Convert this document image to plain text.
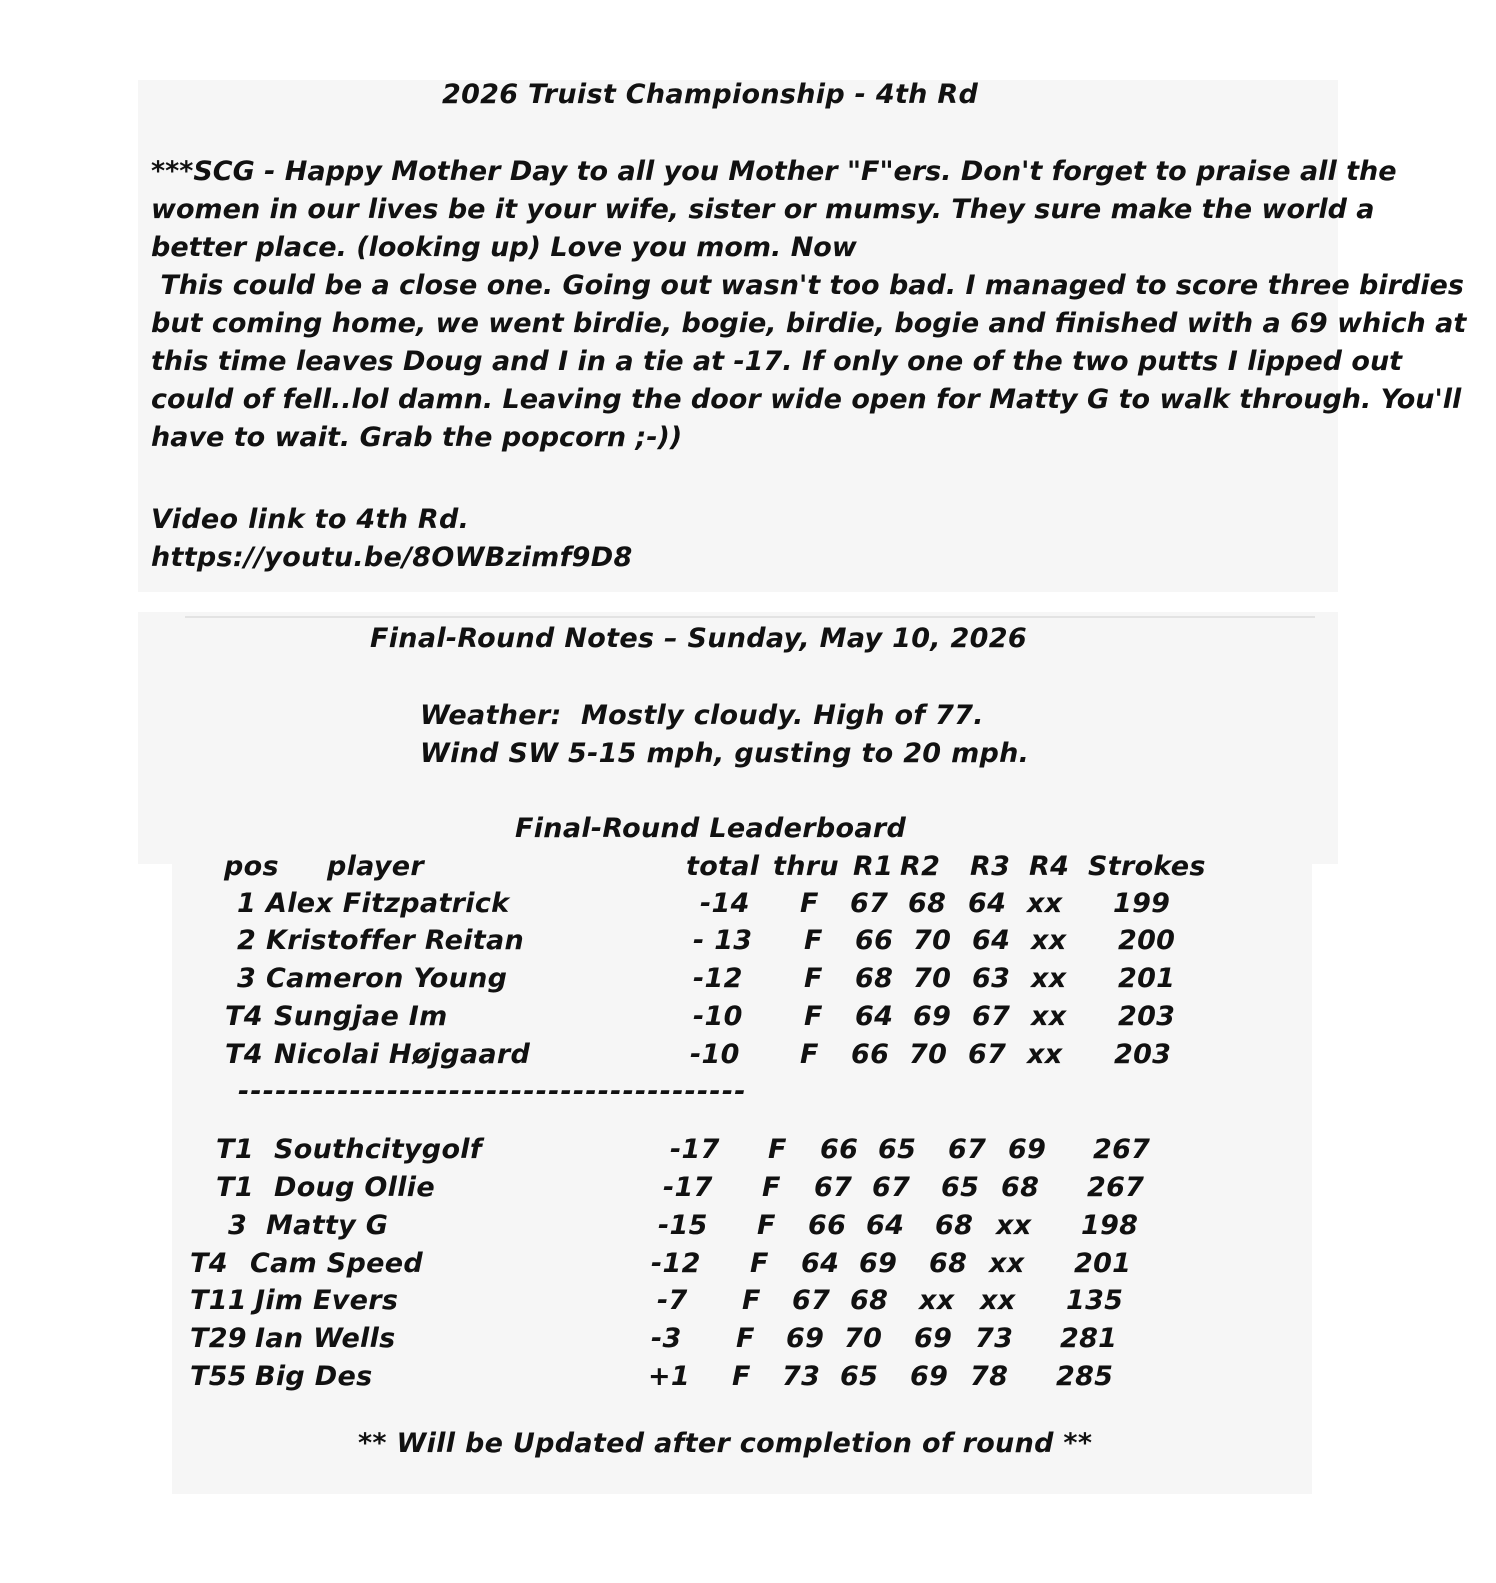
2026 Truist Championship - 4th Rd
***SCG - Happy Mother Day to all you Mother "F"ers. Don't forget to praise all the
women in our lives be it your wife, sister or mumsy. They sure make the world a
better place. (looking up) Love you mom. Now
This could be a close one. Going out wasn't too bad. I managed to score three birdies
but coming home, we went birdie, bogie, birdie, bogie and finished with a 69 which at
this time leaves Doug and I in a tie at -17. If only one of the two putts I lipped out
could of fell..lol damn. Leaving the door wide open for Matty G to walk through. You'll
have to wait. Grab the popcorn ;-))
Video link to 4th Rd.
https://youtu.be/8OWBzimf9D8
Final-Round Notes – Sunday, May 10, 2026
Weather:  Mostly cloudy. High of 77.
Wind SW 5-15 mph, gusting to 20 mph.
Final-Round Leaderboard
pos player	total thru R1 R2 R3 R4 Strokes
1 Alex Fitzpatrick	-14 F 67 68 64 xx 199
2 Kristoffer Reitan	- 13 F 66 70 64 xx 200
3 Cameron Young	-12 F 68 70 63 xx 201
T4 Sungjae Im	-10 F 64 69 67 xx 203
T4 Nicolai Højgaard	-10 F 66 70 67 xx 203
-----------------------------------------
T1 Southcitygolf	-17 F 66 65 67 69 267
T1 Doug Ollie	-17 F 67 67 65 68 267
3 Matty G	-15 F 66 64 68 xx 198
T4 Cam Speed	-12 F 64 69 68 xx 201
T11 Jim Evers	-7 F 67 68 xx xx 135
T29 Ian Wells	-3 F 69 70 69 73 281
T55 Big Des	+1 F 73 65 69 78 285
** Will be Updated after completion of round **
